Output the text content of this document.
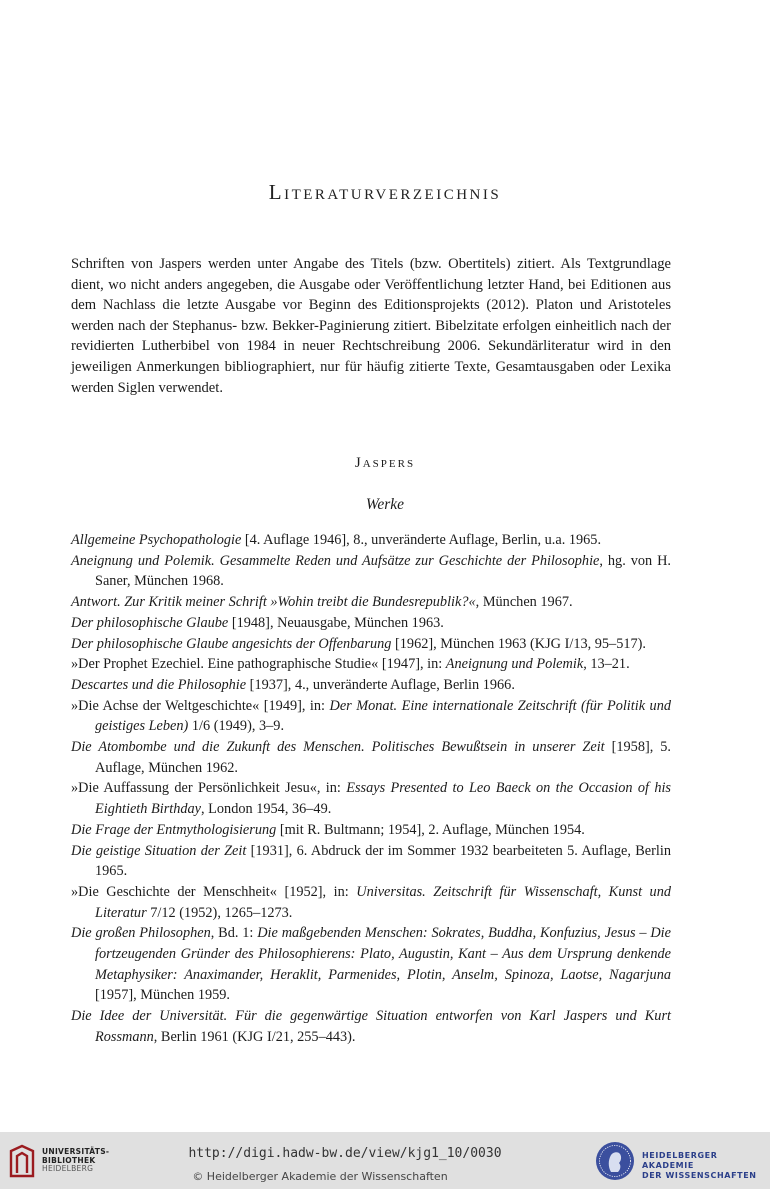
Literaturverzeichnis
Schriften von Jaspers werden unter Angabe des Titels (bzw. Obertitels) zitiert. Als Textgrundlage dient, wo nicht anders angegeben, die Ausgabe oder Veröffentlichung letzter Hand, bei Editionen aus dem Nachlass die letzte Ausgabe vor Beginn des Editionsprojekts (2012). Platon und Aristoteles werden nach der Stephanus- bzw. Bekker-Paginierung zitiert. Bibelzitate erfolgen einheitlich nach der revidierten Lutherbibel von 1984 in neuer Rechtschreibung 2006. Sekundärliteratur wird in den jeweiligen Anmerkungen bibliographiert, nur für häufig zitierte Texte, Gesamtausgaben oder Lexika werden Siglen verwendet.
Jaspers
Werke
Allgemeine Psychopathologie [4. Auflage 1946], 8., unveränderte Auflage, Berlin, u.a. 1965.
Aneignung und Polemik. Gesammelte Reden und Aufsätze zur Geschichte der Philosophie, hg. von H. Saner, München 1968.
Antwort. Zur Kritik meiner Schrift »Wohin treibt die Bundesrepublik?«, München 1967.
Der philosophische Glaube [1948], Neuausgabe, München 1963.
Der philosophische Glaube angesichts der Offenbarung [1962], München 1963 (KJG I/13, 95–517).
»Der Prophet Ezechiel. Eine pathographische Studie« [1947], in: Aneignung und Polemik, 13–21.
Descartes und die Philosophie [1937], 4., unveränderte Auflage, Berlin 1966.
»Die Achse der Weltgeschichte« [1949], in: Der Monat. Eine internationale Zeitschrift (für Politik und geistiges Leben) 1/6 (1949), 3–9.
Die Atombombe und die Zukunft des Menschen. Politisches Bewußtsein in unserer Zeit [1958], 5. Auflage, München 1962.
»Die Auffassung der Persönlichkeit Jesu«, in: Essays Presented to Leo Baeck on the Occasion of his Eightieth Birthday, London 1954, 36–49.
Die Frage der Entmythologisierung [mit R. Bultmann; 1954], 2. Auflage, München 1954.
Die geistige Situation der Zeit [1931], 6. Abdruck der im Sommer 1932 bearbeiteten 5. Auflage, Berlin 1965.
»Die Geschichte der Menschheit« [1952], in: Universitas. Zeitschrift für Wissenschaft, Kunst und Literatur 7/12 (1952), 1265–1273.
Die großen Philosophen, Bd. 1: Die maßgebenden Menschen: Sokrates, Buddha, Konfuzius, Jesus – Die fortzeugenden Gründer des Philosophierens: Plato, Augustin, Kant – Aus dem Ursprung denkende Metaphysiker: Anaximander, Heraklit, Parmenides, Plotin, Anselm, Spinoza, Laotse, Nagarjuna [1957], München 1959.
Die Idee der Universität. Für die gegenwärtige Situation entworfen von Karl Jaspers und Kurt Rossmann, Berlin 1961 (KJG I/21, 255–443).
UNIVERSITÄTS-
BIBLIOTHEK
HEIDELBERG
http://digi.hadw-bw.de/view/kjg1_10/0030
© Heidelberger Akademie der Wissenschaften
HEIDELBERGER AKADEMIE
DER WISSENSCHAFTEN
